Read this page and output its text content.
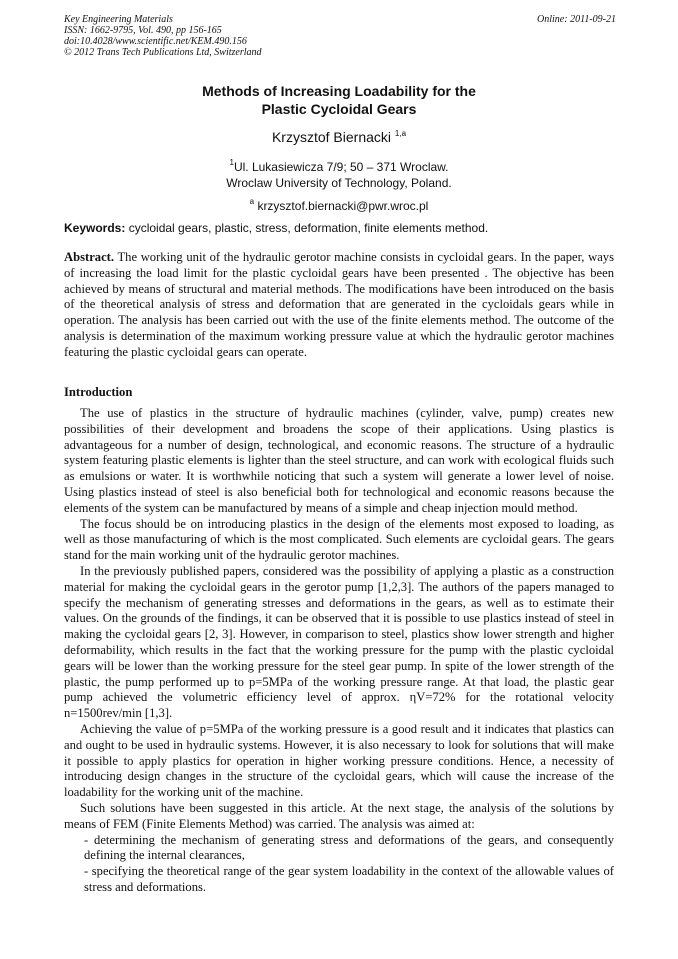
Key Engineering Materials
ISSN: 1662-9795, Vol. 490, pp 156-165
doi:10.4028/www.scientific.net/KEM.490.156
© 2012 Trans Tech Publications Ltd, Switzerland
Online: 2011-09-21
Methods of Increasing Loadability for the
Plastic Cycloidal Gears
Krzysztof Biernacki $^{1,a}$
$^1$Ul. Lukasiewicza 7/9; 50 – 371 Wroclaw.
Wroclaw University of Technology, Poland.
$^a$ krzysztof.biernacki@pwr.wroc.pl
Keywords: cycloidal gears, plastic, stress, deformation, finite elements method.

Abstract. The working unit of the hydraulic gerotor machine consists in cycloidal gears. In the paper, ways of increasing the load limit for the plastic cycloidal gears have been presented . The objective has been achieved by means of structural and material methods. The modifications have been introduced on the basis of the theoretical analysis of stress and deformation that are generated in the cycloidals gears while in operation. The analysis has been carried out with the use of the finite elements method. The outcome of the analysis is determination of the maximum working pressure value at which the hydraulic gerotor machines featuring the plastic cycloidal gears can operate.

Introduction

The use of plastics in the structure of hydraulic machines (cylinder, valve, pump) creates new possibilities of their development and broadens the scope of their applications. Using plastics is advantageous for a number of design, technological, and economic reasons. The structure of a hydraulic system featuring plastic elements is lighter than the steel structure, and can work with ecological fluids such as emulsions or water. It is worthwhile noticing that such a system will generate a lower level of noise. Using plastics instead of steel is also beneficial both for technological and economic reasons because the elements of the system can be manufactured by means of a simple and cheap injection mould method.

The focus should be on introducing plastics in the design of the elements most exposed to loading, as well as those manufacturing of which is the most complicated. Such elements are cycloidal gears. The gears stand for the main working unit of the hydraulic gerotor machines.

In the previously published papers, considered was the possibility of applying a plastic as a construction material for making the cycloidal gears in the gerotor pump [1,2,3]. The authors of the papers managed to specify the mechanism of generating stresses and deformations in the gears, as well as to estimate their values. On the grounds of the findings, it can be observed that it is possible to use plastics instead of steel in making the cycloidal gears [2, 3]. However, in comparison to steel, plastics show lower strength and higher deformability, which results in the fact that the working pressure for the pump with the plastic cycloidal gears will be lower than the working pressure for the steel gear pump. In spite of the lower strength of the plastic, the pump performed up to p=5MPa of the working pressure range. At that load, the plastic gear pump achieved the volumetric efficiency level of approx. ηV=72% for the rotational velocity n=1500rev/min [1,3].

Achieving the value of p=5MPa of the working pressure is a good result and it indicates that plastics can and ought to be used in hydraulic systems. However, it is also necessary to look for solutions that will make it possible to apply plastics for operation in higher working pressure conditions. Hence, a necessity of introducing design changes in the structure of the cycloidal gears, which will cause the increase of the loadability for the working unit of the machine.

Such solutions have been suggested in this article. At the next stage, the analysis of the solutions by means of FEM (Finite Elements Method) was carried. The analysis was aimed at:

- determining the mechanism of generating stress and deformations of the gears, and consequently defining the internal clearances,
- specifying the theoretical range of the gear system loadability in the context of the allowable values of stress and deformations.
